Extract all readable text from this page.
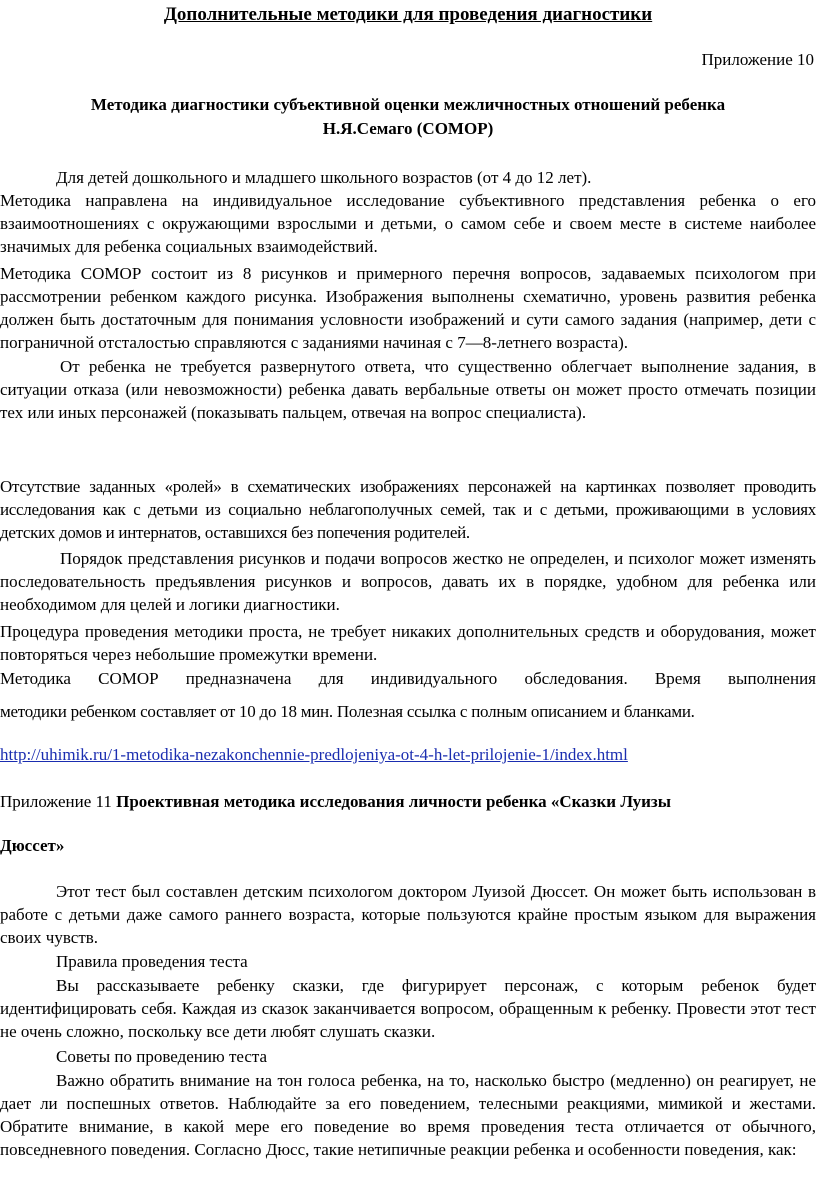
Дополнительные методики для проведения диагностики
Приложение 10
Методика диагностики субъективной оценки межличностных отношений ребенка
Н.Я.Семаго (СОМОР)
Для детей дошкольного и младшего школьного возрастов (от 4 до 12 лет).
Методика направлена на индивидуальное исследование субъективного представления ребенка о его взаимоотношениях с окружающими взрослыми и детьми, о самом себе и своем месте в системе наиболее значимых для ребенка социальных взаимодействий.
Методика СОМОР состоит из 8 рисунков и примерного перечня вопросов, задаваемых психологом при рассмотрении ребенком каждого рисунка. Изображения выполнены схематично, уровень развития ребенка должен быть достаточным для понимания условности изображений и сути самого задания (например, дети с пограничной отсталостью справляются с заданиями начиная с 7—8-летнего возраста).
От ребенка не требуется развернутого ответа, что существенно облегчает выполнение задания, в ситуации отказа (или невозможности) ребенка давать вербальные ответы он может просто отмечать позиции тех или иных персонажей (показывать пальцем, отвечая на вопрос специалиста).
Отсутствие заданных «ролей» в схематических изображениях персонажей на картинках позволяет проводить исследования как с детьми из социально неблагополучных семей, так и с детьми, проживающими в условиях детских домов и интернатов, оставшихся без попечения родителей.
Порядок представления рисунков и подачи вопросов жестко не определен, и психолог может изменять последовательность предъявления рисунков и вопросов, давать их в порядке, удобном для ребенка или необходимом для целей и логики диагностики.
Процедура проведения методики проста, не требует никаких дополнительных средств и оборудования, может повторяться через небольшие промежутки времени.
Методика СОМОР предназначена для индивидуального обследования. Время выполнения
методики ребенком составляет от 10 до 18 мин. Полезная ссылка с полным описанием и бланками.
http://uhimik.ru/1-metodika-nezakonchennie-predlojeniya-ot-4-h-let-prilojenie-1/index.html
Приложение 11 Проективная методика исследования личности ребенка «Сказки Луизы
Дюссет»
Этот тест был составлен детским психологом доктором Луизой Дюссет. Он может быть использован в работе с детьми даже самого раннего возраста, которые пользуются крайне простым языком для выражения своих чувств.
Правила проведения теста
Вы рассказываете ребенку сказки, где фигурирует персонаж, с которым ребенок будет идентифицировать себя. Каждая из сказок заканчивается вопросом, обращенным к ребенку. Провести этот тест не очень сложно, поскольку все дети любят слушать сказки.
Советы по проведению теста
Важно обратить внимание на тон голоса ребенка, на то, насколько быстро (медленно) он реагирует, не дает ли поспешных ответов. Наблюдайте за его поведением, телесными реакциями, мимикой и жестами. Обратите внимание, в какой мере его поведение во время проведения теста отличается от обычного, повседневного поведения. Согласно Дюсс, такие нетипичные реакции ребенка и особенности поведения, как:
